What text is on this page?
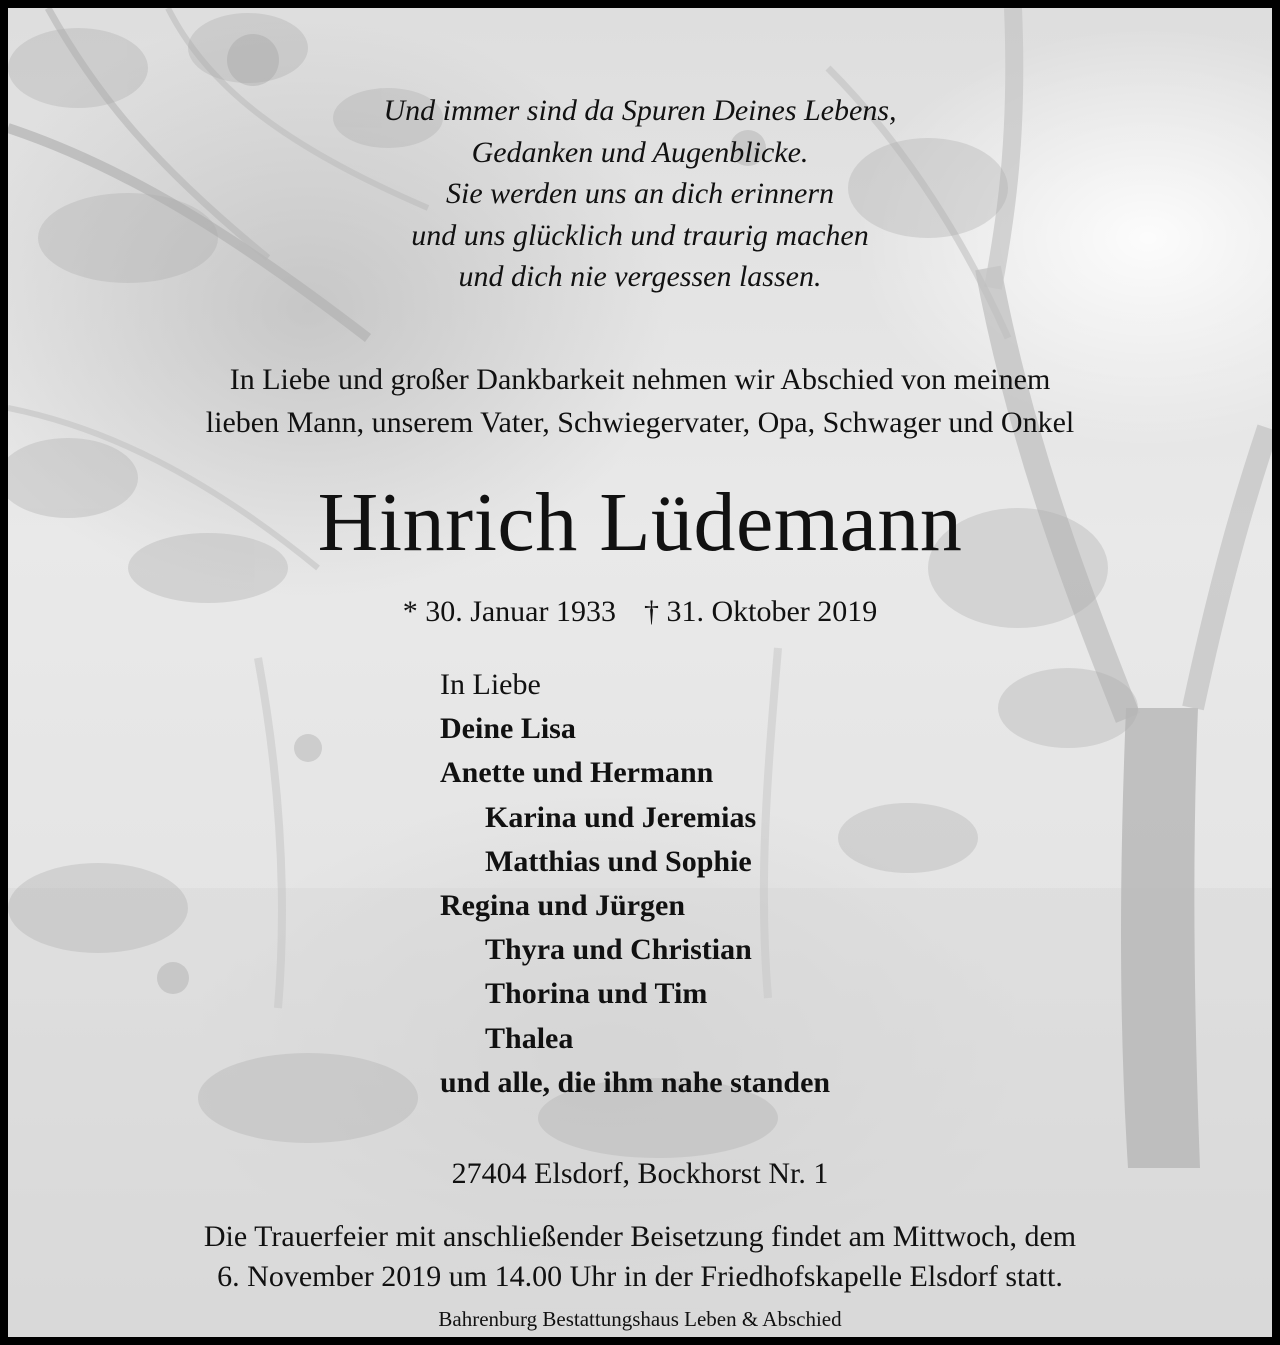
Und immer sind da Spuren Deines Lebens,
Gedanken und Augenblicke.
Sie werden uns an dich erinnern
und uns glücklich und traurig machen
und dich nie vergessen lassen.
In Liebe und großer Dankbarkeit nehmen wir Abschied von meinem
lieben Mann, unserem Vater, Schwiegervater, Opa, Schwager und Onkel
Hinrich Lüdemann
* 30. Januar 1933 † 31. Oktober 2019
In Liebe
Deine Lisa
Anette und Hermann
Karina und Jeremias
Matthias und Sophie
Regina und Jürgen
Thyra und Christian
Thorina und Tim
Thalea
und alle, die ihm nahe standen
27404 Elsdorf, Bockhorst Nr. 1
Die Trauerfeier mit anschließender Beisetzung findet am Mittwoch, dem
6. November 2019 um 14.00 Uhr in der Friedhofskapelle Elsdorf statt.
Bahrenburg Bestattungshaus Leben & Abschied
